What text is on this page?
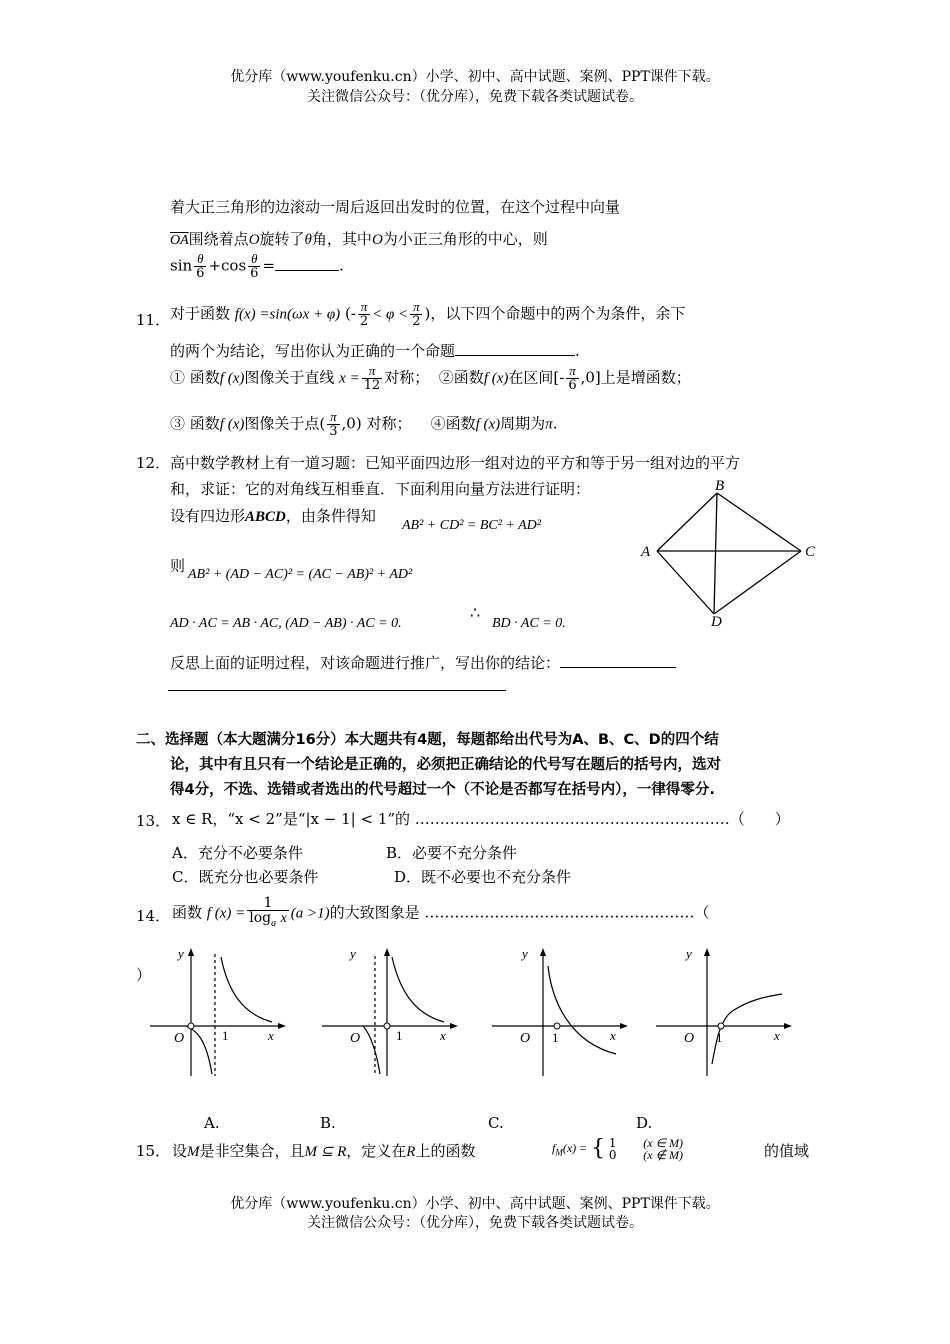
优分库（www.youfenku.cn）小学、初中、高中试题、案例、PPT课件下载。
关注微信公众号：（优分库），免费下载各类试题试卷。
着大正三角形的边滚动一周后返回出发时的位置，在这个过程中向量
$\overline{OA}$围绕着点O旋转了θ角，其中O为小正三角形的中心，则
$\sin \frac{\theta}{6} +\cos \frac{\theta}{6}$ =	.
11． 对于函数 f(x) =sin(ωx + φ) (- $\frac{\pi}{2} < \varphi < \frac{\pi}{2}$ )，以下四个命题中的两个为条件，余下
的两个为结论，写出你认为正确的一个命题	.
① 函数f (x)图像关于直线 $x = \frac{\pi}{12}$ 对称； ②函数f (x)在区间[- $\frac{\pi}{6} ,0$]上是增函数；
③ 函数f (x)图像关于点( $\frac{\pi}{3} ,0$) 对称； ④函数f (x)周期为π.
12． 高中数学教材上有一道习题：已知平面四边形一组对边的平方和等于另一组对边的平方
和，求证：它的对角线互相垂直．下面利用向量方法进行证明：
设有四边形ABCD，由条件得知
AB² + CD² = BC² + AD²
则 AB² + (AD − AC)² = (AC − AB)² + AD²
AD · AC = AB · AC, (AD − AB) · AC = 0.
∴
BD · AC = 0.
反思上面的证明过程，对该命题进行推广，写出你的结论：
B
A	C
D
二、选择题（本大题满分16分）本大题共有4题，每题都给出代号为A、B、C、D的四个结
论，其中有且只有一个结论是正确的，必须把正确结论的代号写在题后的括号内，选对
得4分，不选、选错或者选出的代号超过一个（不论是否都写在括号内），一律得零分.
13． x ∈ R，“x < 2”是“|x − 1| < 1”的 ………………………………………………………（　　）
A．充分不必要条件	B．必要不充分条件
C．既充分也必要条件	D．既不必要也不充分条件
14． 函数 f $(x) = \frac{1}{\log_a x} (a >1)$的大致图象是 ………………………………………………（
）
y
x
O	1
y
x
O	1
y
x
O 1
y
x
O 1
A.	B.	C.	D.
15． 设M是非空集合，且M ⊆ R，定义在R上的函数	$f_M(x)$ = { 1 (x ∈ M)
0 (x ∉ M)	的值域
优分库（www.youfenku.cn）小学、初中、高中试题、案例、PPT课件下载。
关注微信公众号：（优分库），免费下载各类试题试卷。
